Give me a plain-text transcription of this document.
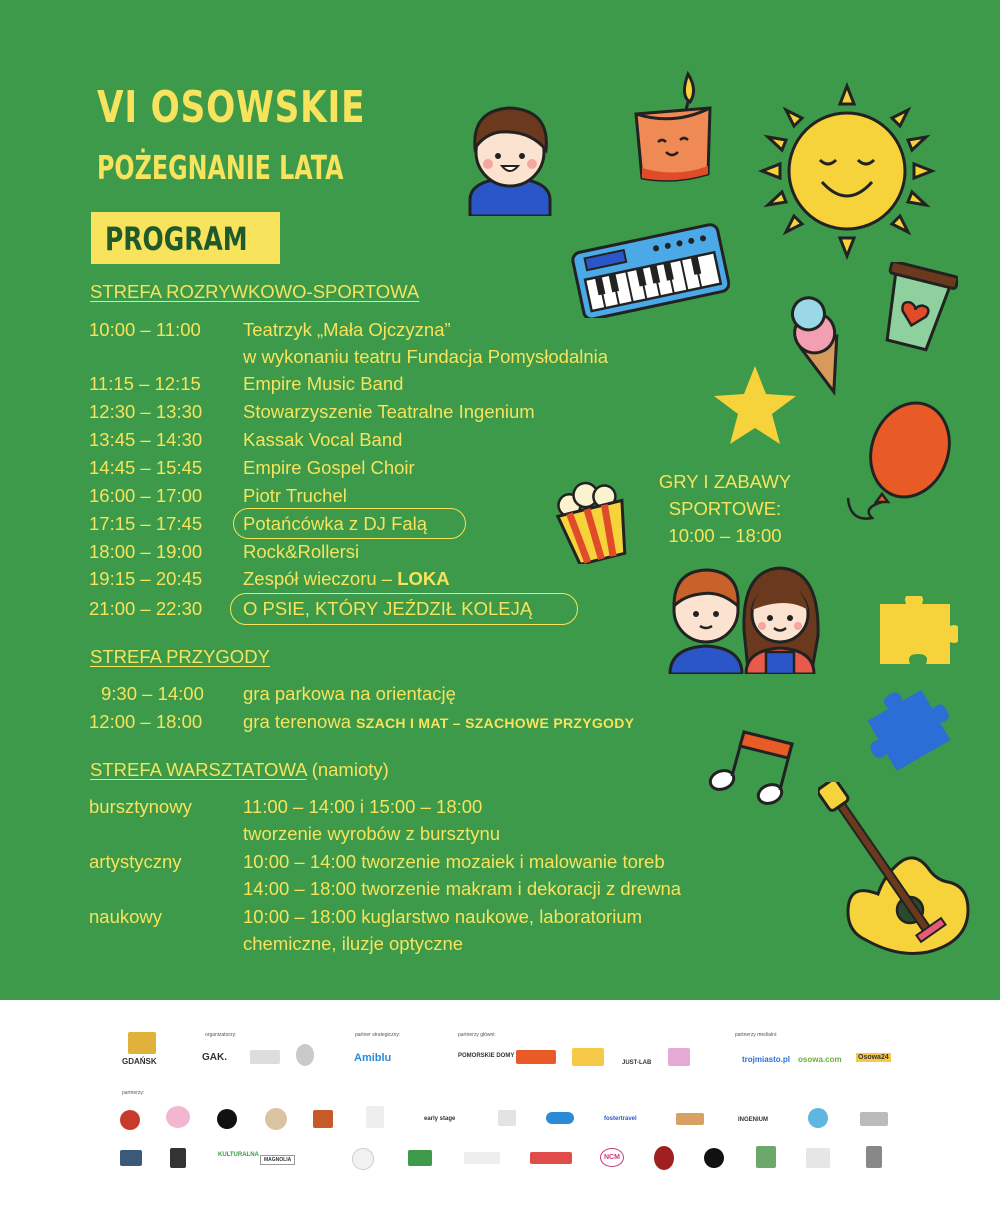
VI OSOWSKIE
POŻEGNANIE LATA
PROGRAM
STREFA ROZRYWKOWO-SPORTOWA
10:00 – 11:00 Teatrzyk „Mała Ojczyzna”
w wykonaniu teatru Fundacja Pomysłodalnia
11:15 – 12:15 Empire Music Band
12:30 – 13:30 Stowarzyszenie Teatralne Ingenium
13:45 – 14:30 Kassak Vocal Band
14:45 – 15:45 Empire Gospel Choir
16:00 – 17:00 Piotr Truchel
17:15 – 17:45 Potańcówka z DJ Falą
18:00 – 19:00 Rock&Rollersi
19:15 – 20:45 Zespół wieczoru – LOKA
21:00 – 22:30 O PSIE, KTÓRY JEŹDZIŁ KOLEJĄ
GRY I ZABAWY
SPORTOWE:
10:00 – 18:00
STREFA PRZYGODY
9:30 – 14:00 gra parkowa na orientację
12:00 – 18:00 gra terenowa SZACH I MAT – SZACHOWE PRZYGODY
STREFA WARSZTATOWA (namioty)
bursztynowy	11:00 – 14:00 i 15:00 – 18:00
tworzenie wyrobów z bursztynu
artystyczny	10:00 – 14:00 tworzenie mozaiek i malowanie toreb
14:00 – 18:00 tworzenie makram i dekoracji z drewna
naukowy	10:00 – 18:00 kuglarstwo naukowe, laboratorium
chemiczne, iluzje optyczne
organizatorzy:	partner strategiczny:	partnerzy główni:	partnerzy medialni:
GDAŃSK	GAK.	Amiblu	POMORSKIE DOMY
JUST-LAB	trojmiasto.pl osowa.com Osowa24
partnerzy:
early stage	fostertravel	INGENIUM
KULTURALNA
MAGNOLIA	NCM
